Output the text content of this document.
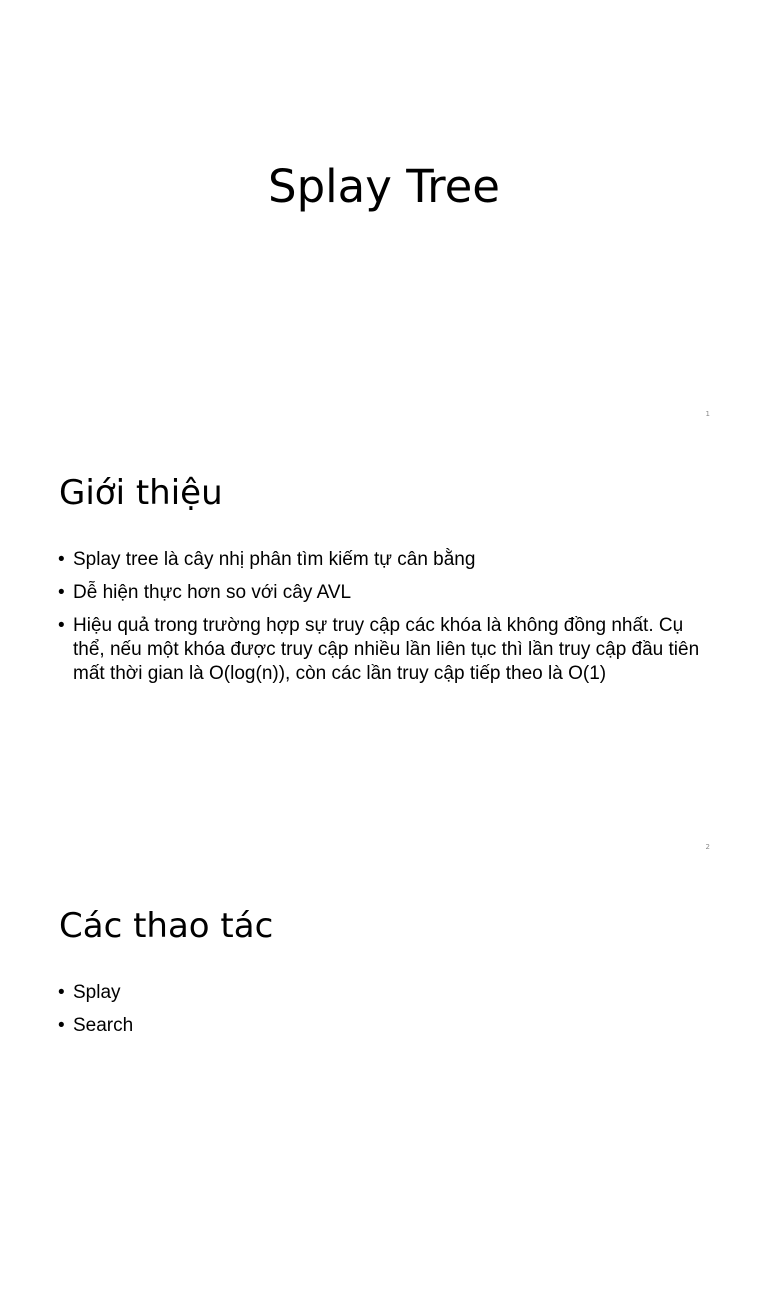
Splay Tree
1
Giới thiệu
• Splay tree là cây nhị phân tìm kiếm tự cân bằng
• Dễ hiện thực hơn so với cây AVL
• Hiệu quả trong trường hợp sự truy cập các khóa là không đồng nhất. Cụ thể, nếu một khóa được truy cập nhiều lần liên tục thì lần truy cập đầu tiên mất thời gian là O(log(n)), còn các lần truy cập tiếp theo là O(1)
2
Các thao tác
• Splay
• Search
